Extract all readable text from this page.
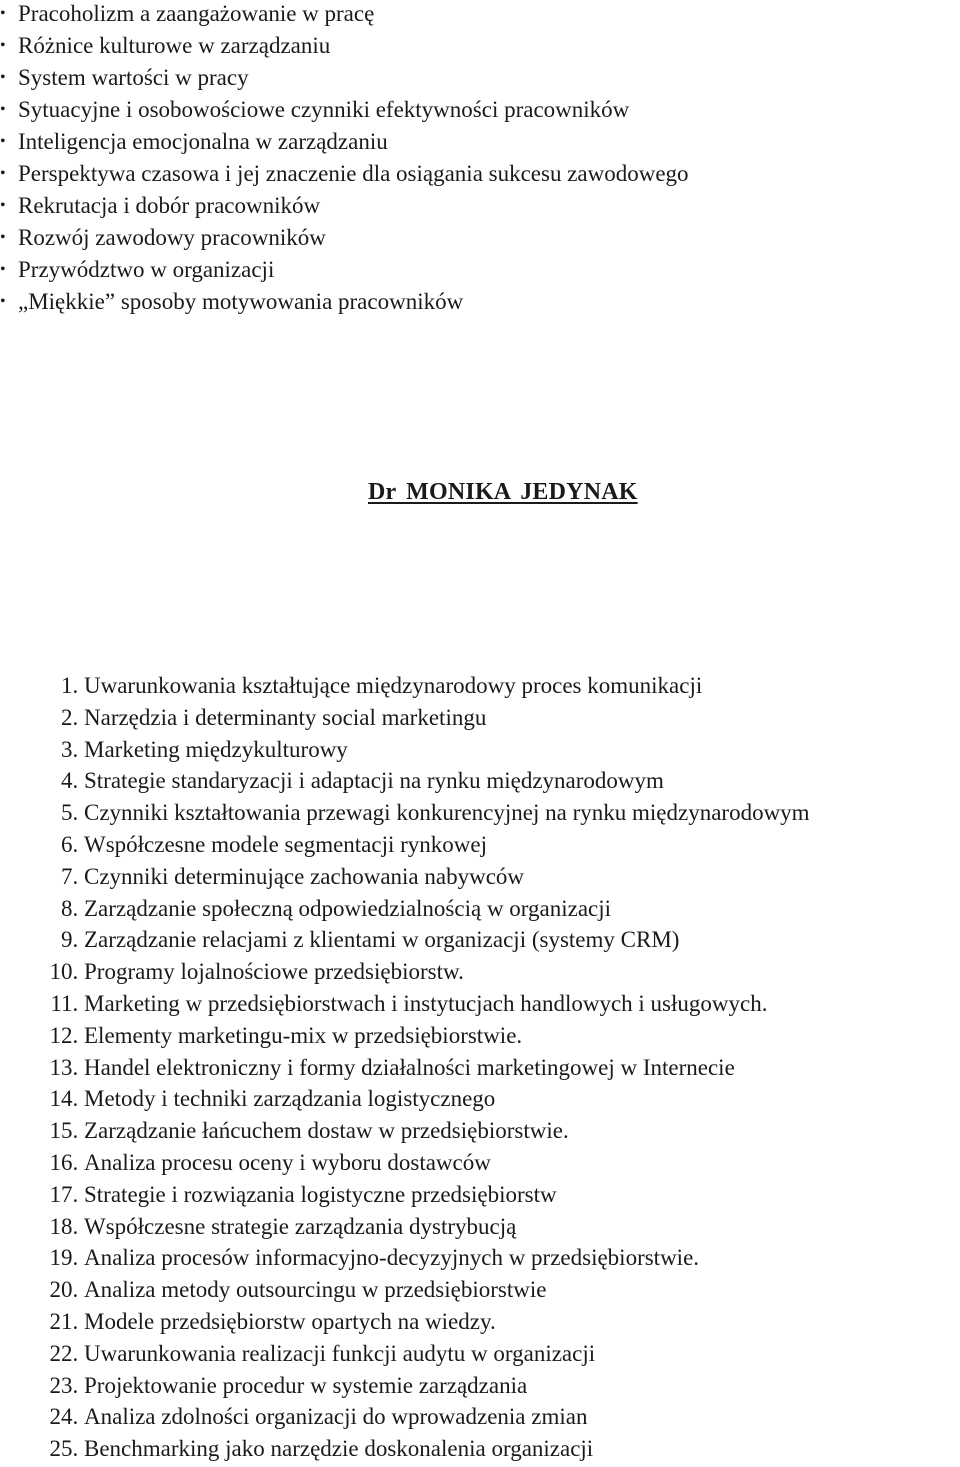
• Pracoholizm a zaangażowanie w pracę
• Różnice kulturowe w zarządzaniu
• System wartości w pracy
• Sytuacyjne i osobowościowe czynniki efektywności pracowników
• Inteligencja emocjonalna w zarządzaniu
• Perspektywa czasowa i jej znaczenie dla osiągania sukcesu zawodowego
• Rekrutacja i dobór pracowników
• Rozwój zawodowy pracowników
• Przywództwo w organizacji
• „Miękkie” sposoby motywowania pracowników
Dr MONIKA JEDYNAK
1. Uwarunkowania kształtujące międzynarodowy proces komunikacji
2. Narzędzia i determinanty social marketingu
3. Marketing międzykulturowy
4. Strategie standaryzacji i adaptacji na rynku międzynarodowym
5. Czynniki kształtowania przewagi konkurencyjnej na rynku międzynarodowym
6. Współczesne modele segmentacji rynkowej
7. Czynniki determinujące zachowania nabywców
8. Zarządzanie społeczną odpowiedzialnością w organizacji
9. Zarządzanie relacjami z klientami w organizacji (systemy CRM)
10. Programy lojalnościowe przedsiębiorstw.
11. Marketing w przedsiębiorstwach i instytucjach handlowych i usługowych.
12. Elementy marketingu-mix w przedsiębiorstwie.
13. Handel elektroniczny i formy działalności marketingowej w Internecie
14. Metody i techniki zarządzania logistycznego
15. Zarządzanie łańcuchem dostaw w przedsiębiorstwie.
16. Analiza procesu oceny i wyboru dostawców
17. Strategie i rozwiązania logistyczne przedsiębiorstw
18. Współczesne strategie zarządzania dystrybucją
19. Analiza procesów informacyjno-decyzyjnych w przedsiębiorstwie.
20. Analiza metody outsourcingu w przedsiębiorstwie
21. Modele przedsiębiorstw opartych na wiedzy.
22. Uwarunkowania realizacji funkcji audytu w organizacji
23. Projektowanie procedur w systemie zarządzania
24. Analiza zdolności organizacji do wprowadzenia zmian
25. Benchmarking jako narzędzie doskonalenia organizacji
